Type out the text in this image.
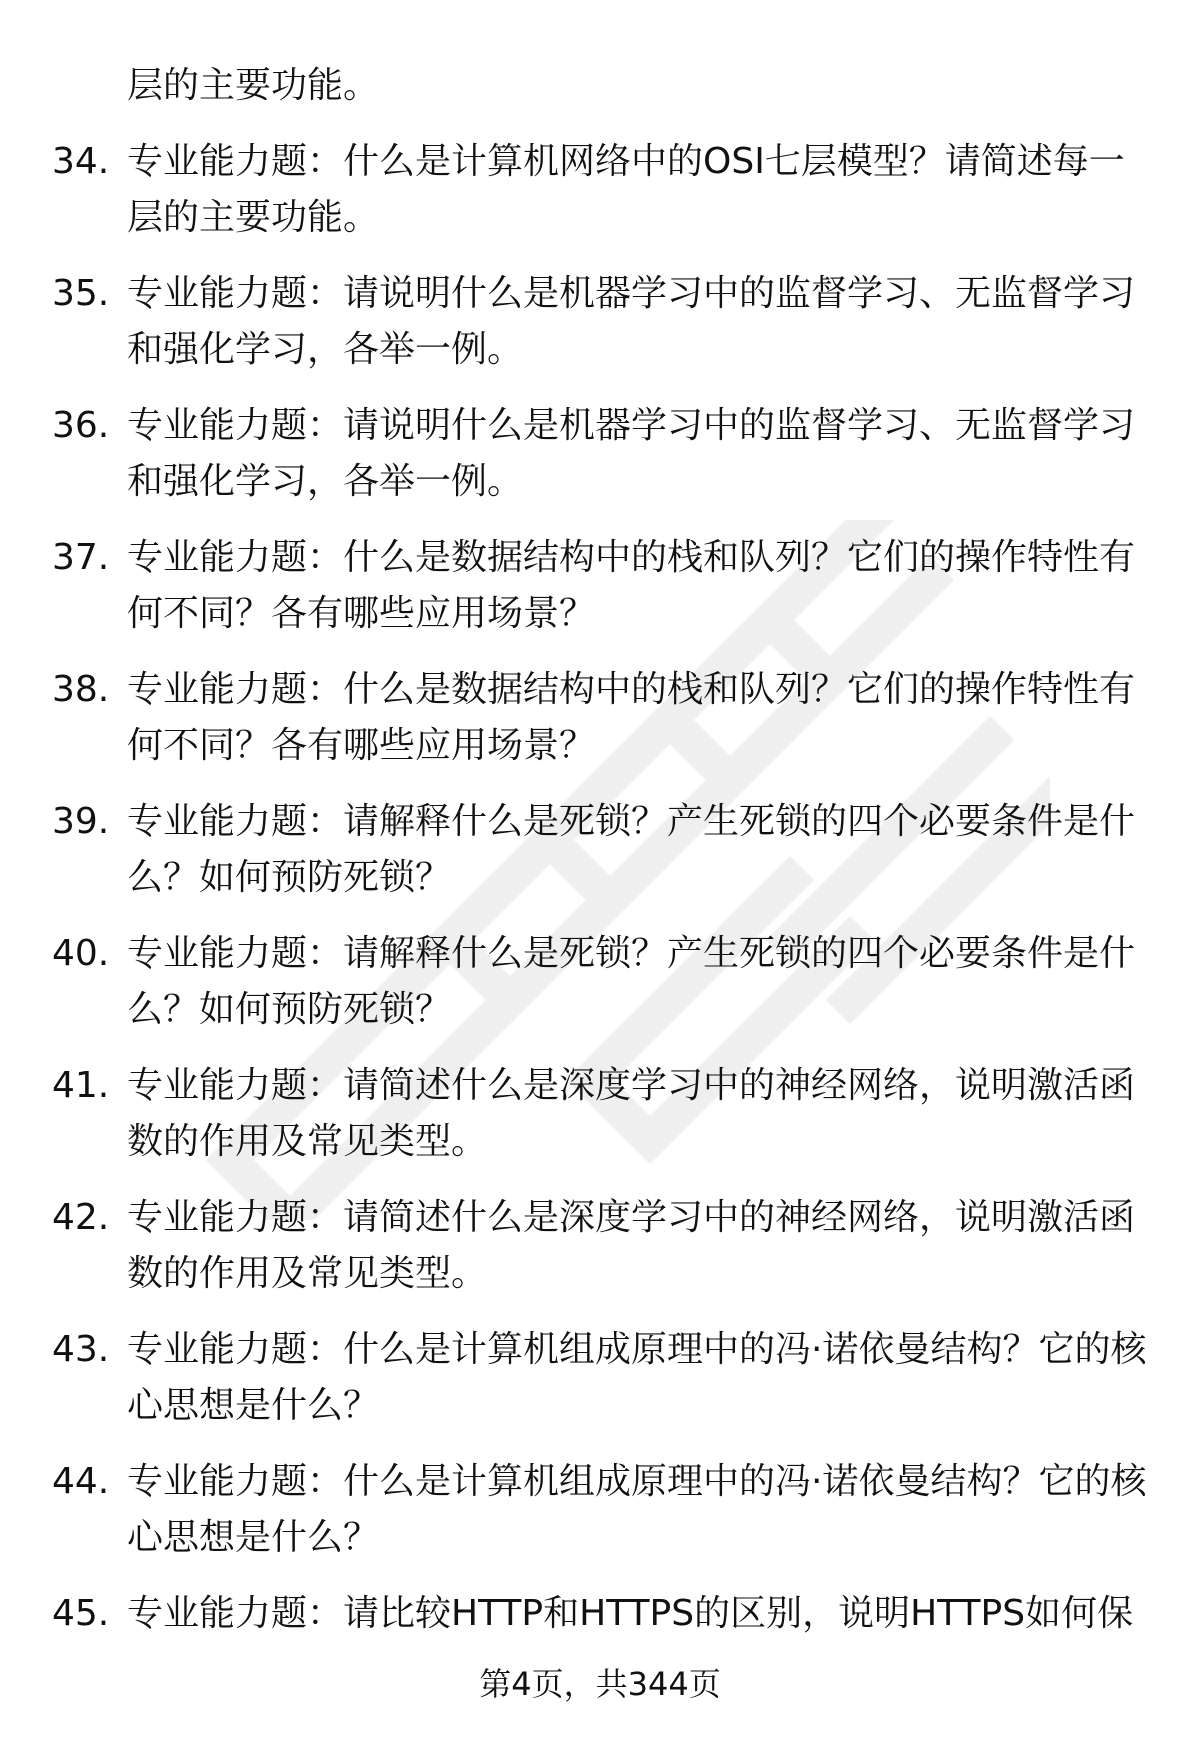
层的主要功能。
34. 专业能力题：什么是计算机网络中的OSI七层模型？请简述每一
层的主要功能。
35. 专业能力题：请说明什么是机器学习中的监督学习、无监督学习
和强化学习，各举一例。
36. 专业能力题：请说明什么是机器学习中的监督学习、无监督学习
和强化学习，各举一例。
37. 专业能力题：什么是数据结构中的栈和队列？它们的操作特性有
何不同？各有哪些应用场景？
38. 专业能力题：什么是数据结构中的栈和队列？它们的操作特性有
何不同？各有哪些应用场景？
39. 专业能力题：请解释什么是死锁？产生死锁的四个必要条件是什
么？如何预防死锁？
40. 专业能力题：请解释什么是死锁？产生死锁的四个必要条件是什
么？如何预防死锁？
41. 专业能力题：请简述什么是深度学习中的神经网络，说明激活函
数的作用及常见类型。
42. 专业能力题：请简述什么是深度学习中的神经网络，说明激活函
数的作用及常见类型。
43. 专业能力题：什么是计算机组成原理中的冯·诺依曼结构？它的核
心思想是什么？
44. 专业能力题：什么是计算机组成原理中的冯·诺依曼结构？它的核
心思想是什么？
45. 专业能力题：请比较HTTP和HTTPS的区别，说明HTTPS如何保
第4页，共344页
